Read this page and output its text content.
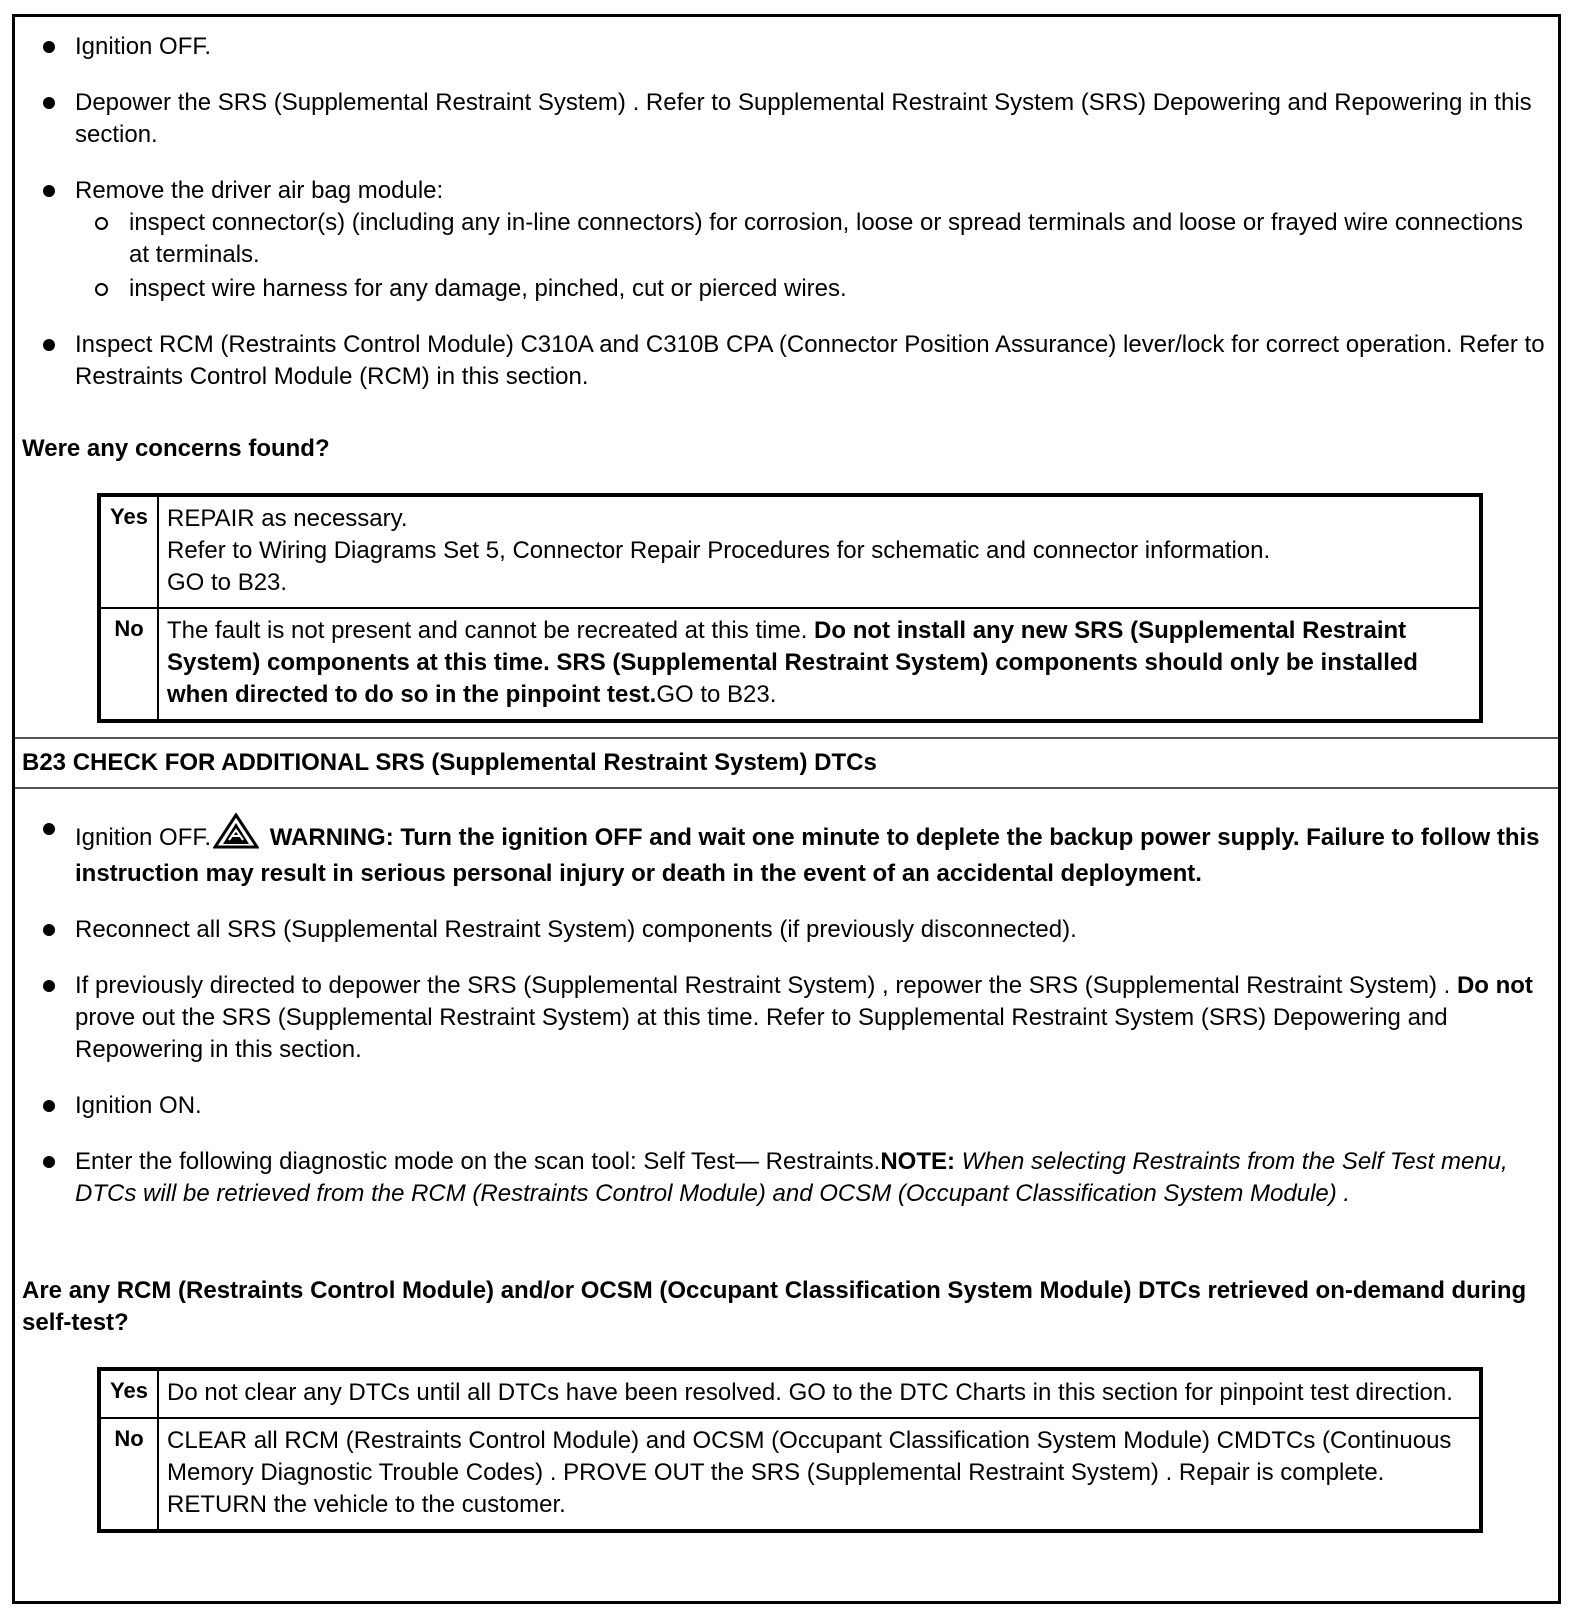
Ignition OFF.
Depower the SRS (Supplemental Restraint System) . Refer to Supplemental Restraint System (SRS) Depowering and Repowering in this section.
Remove the driver air bag module:
inspect connector(s) (including any in-line connectors) for corrosion, loose or spread terminals and loose or frayed wire connections at terminals.
inspect wire harness for any damage, pinched, cut or pierced wires.
Inspect RCM (Restraints Control Module) C310A and C310B CPA (Connector Position Assurance) lever/lock for correct operation. Refer to Restraints Control Module (RCM) in this section.
Were any concerns found?
Yes	REPAIR as necessary.
Refer to Wiring Diagrams Set 5, Connector Repair Procedures for schematic and connector information.
GO to B23.

No	The fault is not present and cannot be recreated at this time. Do not install any new SRS (Supplemental Restraint System) components at this time. SRS (Supplemental Restraint System) components should only be installed when directed to do so in the pinpoint test.GO to B23.
B23 CHECK FOR ADDITIONAL SRS (Supplemental Restraint System) DTCs
Ignition OFF. WARNING: Turn the ignition OFF and wait one minute to deplete the backup power supply. Failure to follow this instruction may result in serious personal injury or death in the event of an accidental deployment.
Reconnect all SRS (Supplemental Restraint System) components (if previously disconnected).
If previously directed to depower the SRS (Supplemental Restraint System) , repower the SRS (Supplemental Restraint System) . Do not prove out the SRS (Supplemental Restraint System) at this time. Refer to Supplemental Restraint System (SRS) Depowering and Repowering in this section.
Ignition ON.
Enter the following diagnostic mode on the scan tool: Self Test— Restraints.NOTE: When selecting Restraints from the Self Test menu, DTCs will be retrieved from the RCM (Restraints Control Module) and OCSM (Occupant Classification System Module) .
Are any RCM (Restraints Control Module) and/or OCSM (Occupant Classification System Module) DTCs retrieved on-demand during self-test?
Yes	Do not clear any DTCs until all DTCs have been resolved. GO to the DTC Charts in this section for pinpoint test direction.
No	CLEAR all RCM (Restraints Control Module) and OCSM (Occupant Classification System Module) CMDTCs (Continuous Memory Diagnostic Trouble Codes) . PROVE OUT the SRS (Supplemental Restraint System) . Repair is complete. RETURN the vehicle to the customer.
